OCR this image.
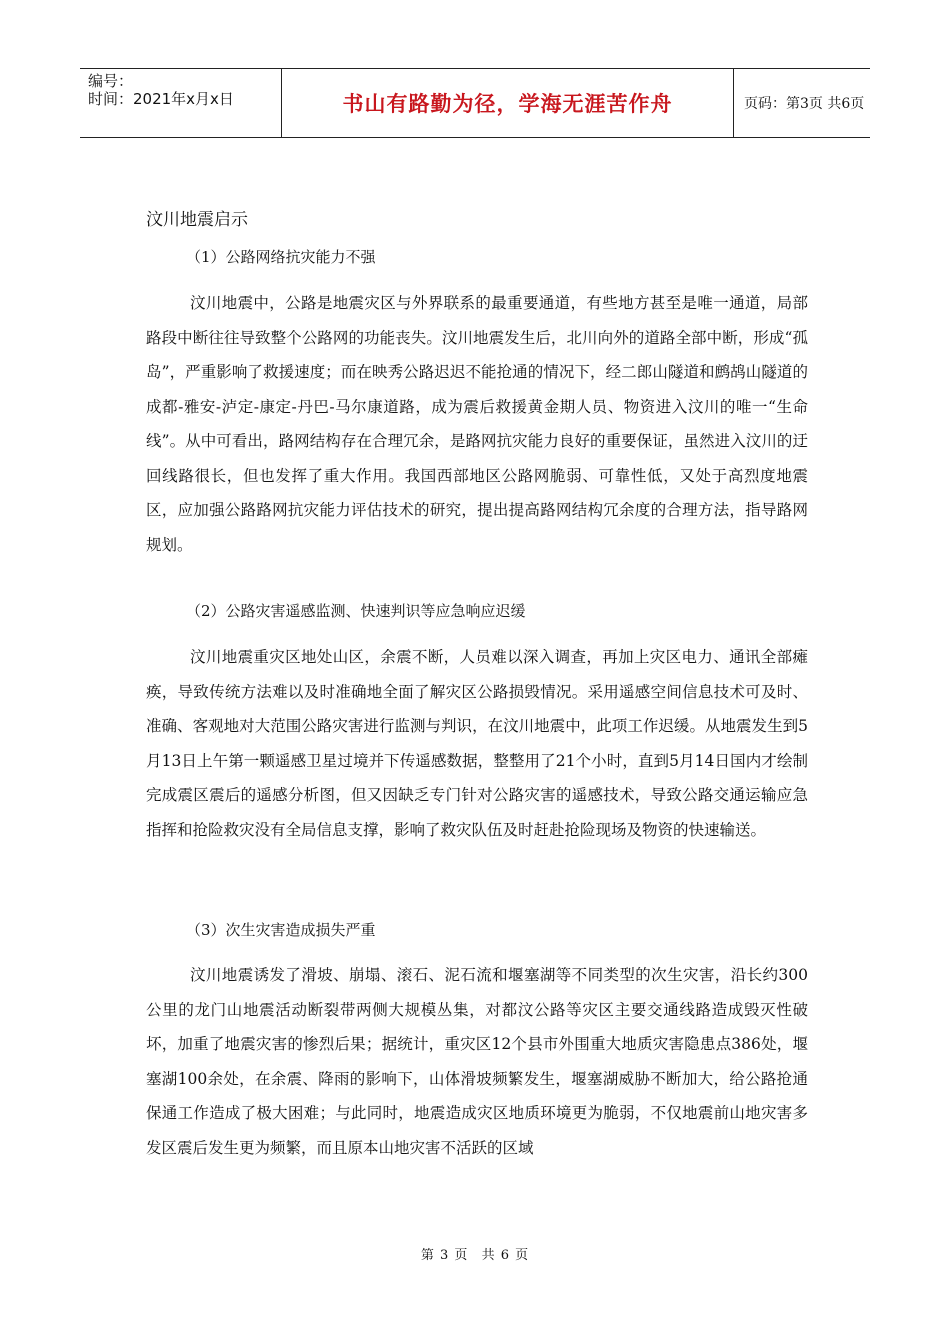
编号：
时间：2021年x月x日	书山有路勤为径，学海无涯苦作舟	页码：第3页 共6页
汶川地震启示
（1）公路网络抗灾能力不强
汶川地震中，公路是地震灾区与外界联系的最重要通道，有些地方甚至是唯一通道，局部路段中断往往导致整个公路网的功能丧失。汶川地震发生后，北川向外的道路全部中断，形成“孤岛”，严重影响了救援速度；而在映秀公路迟迟不能抢通的情况下，经二郎山隧道和鹧鸪山隧道的成都-雅安-泸定-康定-丹巴-马尔康道路，成为震后救援黄金期人员、物资进入汶川的唯一“生命线”。从中可看出，路网结构存在合理冗余，是路网抗灾能力良好的重要保证，虽然进入汶川的迂回线路很长，但也发挥了重大作用。我国西部地区公路网脆弱、可靠性低，又处于高烈度地震区，应加强公路路网抗灾能力评估技术的研究，提出提高路网结构冗余度的合理方法，指导路网规划。
（2）公路灾害遥感监测、快速判识等应急响应迟缓
汶川地震重灾区地处山区，余震不断，人员难以深入调查，再加上灾区电力、通讯全部瘫痪，导致传统方法难以及时准确地全面了解灾区公路损毁情况。采用遥感空间信息技术可及时、准确、客观地对大范围公路灾害进行监测与判识，在汶川地震中，此项工作迟缓。从地震发生到5月13日上午第一颗遥感卫星过境并下传遥感数据，整整用了21个小时，直到5月14日国内才绘制完成震区震后的遥感分析图，但又因缺乏专门针对公路灾害的遥感技术，导致公路交通运输应急指挥和抢险救灾没有全局信息支撑，影响了救灾队伍及时赶赴抢险现场及物资的快速输送。
（3）次生灾害造成损失严重
汶川地震诱发了滑坡、崩塌、滚石、泥石流和堰塞湖等不同类型的次生灾害，沿长约300公里的龙门山地震活动断裂带两侧大规模丛集，对都汶公路等灾区主要交通线路造成毁灭性破坏，加重了地震灾害的惨烈后果；据统计，重灾区12个县市外围重大地质灾害隐患点386处，堰塞湖100余处，在余震、降雨的影响下，山体滑坡频繁发生，堰塞湖威胁不断加大，给公路抢通保通工作造成了极大困难；与此同时，地震造成灾区地质环境更为脆弱，不仅地震前山地灾害多发区震后发生更为频繁，而且原本山地灾害不活跃的区域
第 3 页 共 6 页
